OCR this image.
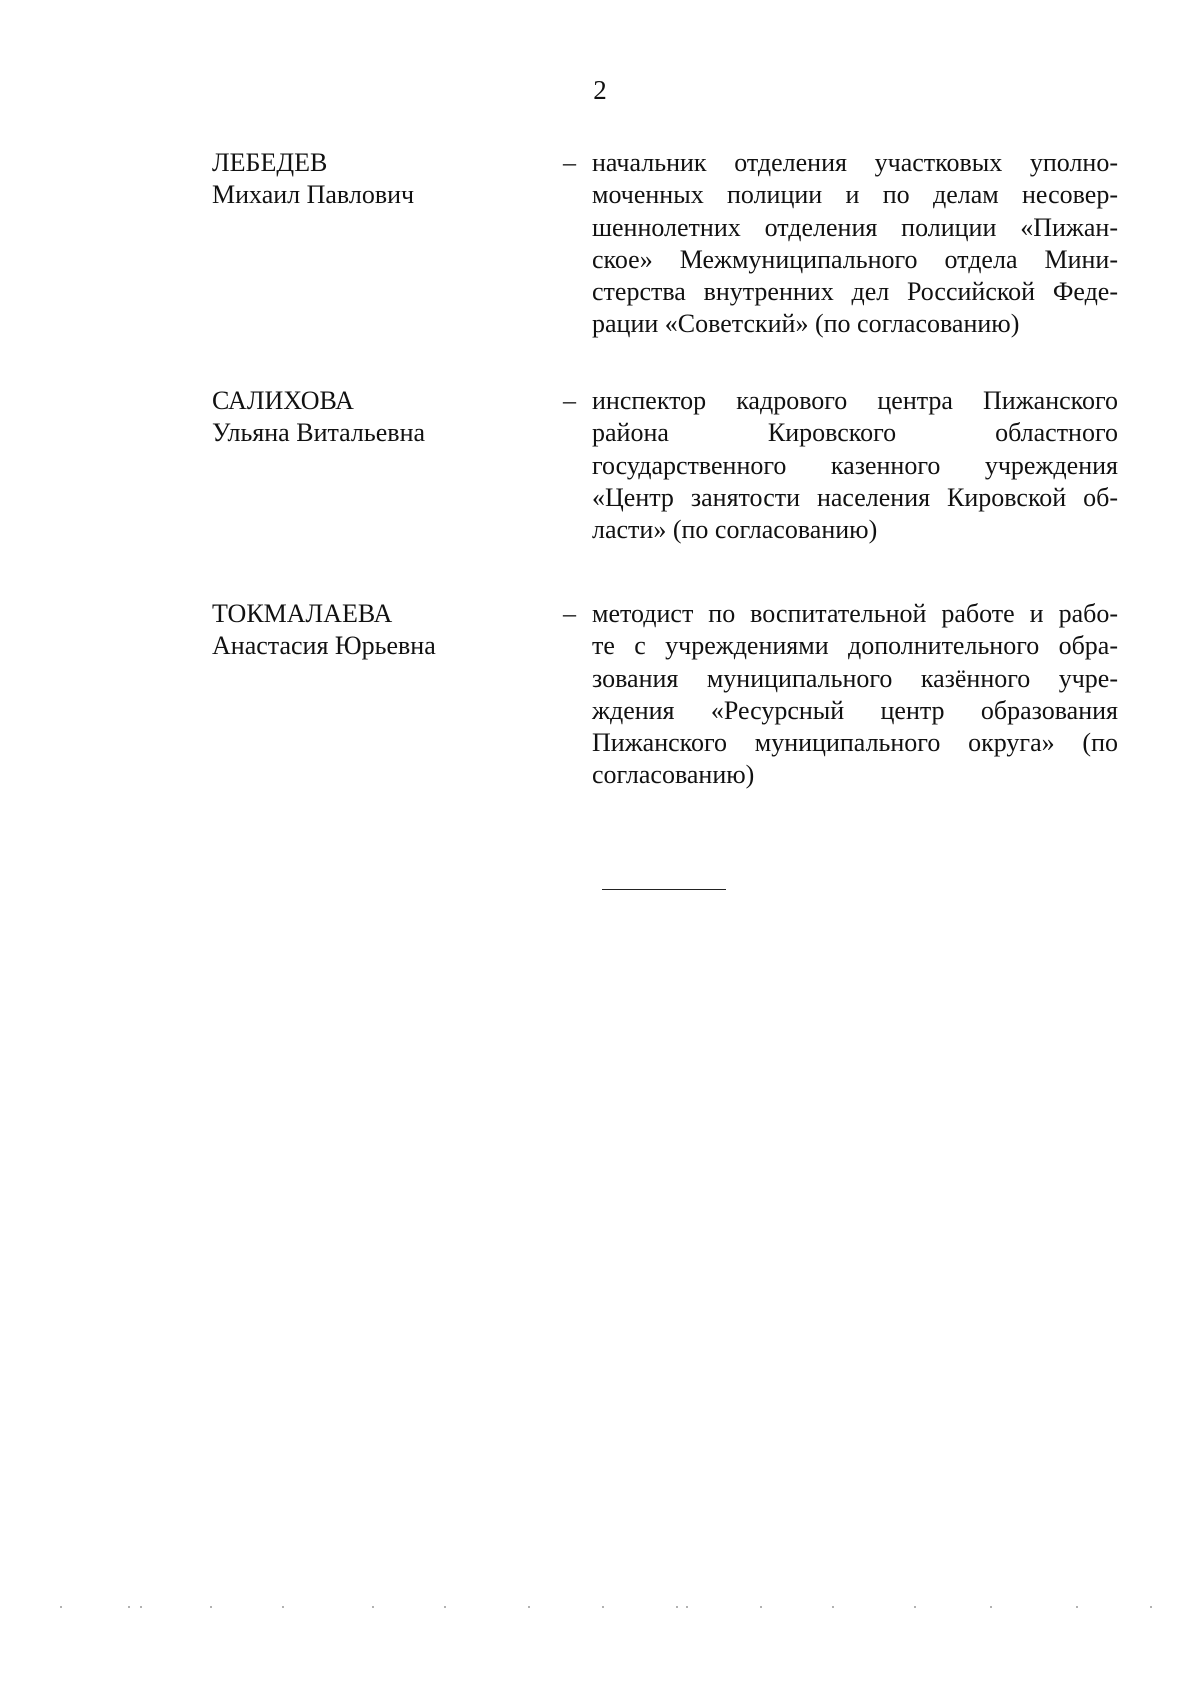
2
ЛЕБЕДЕВ
Михаил Павлович
– начальник отделения участковых уполно-
моченных полиции и по делам несовер-
шеннолетних отделения полиции «Пижан-
ское» Межмуниципального отдела Мини-
стерства внутренних дел Российской Феде-
рации «Советский» (по согласованию)
САЛИХОВА
Ульяна Витальевна
– инспектор кадрового центра Пижанского
района Кировского областного
государственного казенного учреждения
«Центр занятости населения Кировской об-
ласти» (по согласованию)
ТОКМАЛАЕВА
Анастасия Юрьевна
– методист по воспитательной работе и рабо-
те с учреждениями дополнительного обра-
зования муниципального казённого учре-
ждения «Ресурсный центр образования
Пижанского муниципального округа» (по
согласованию)
